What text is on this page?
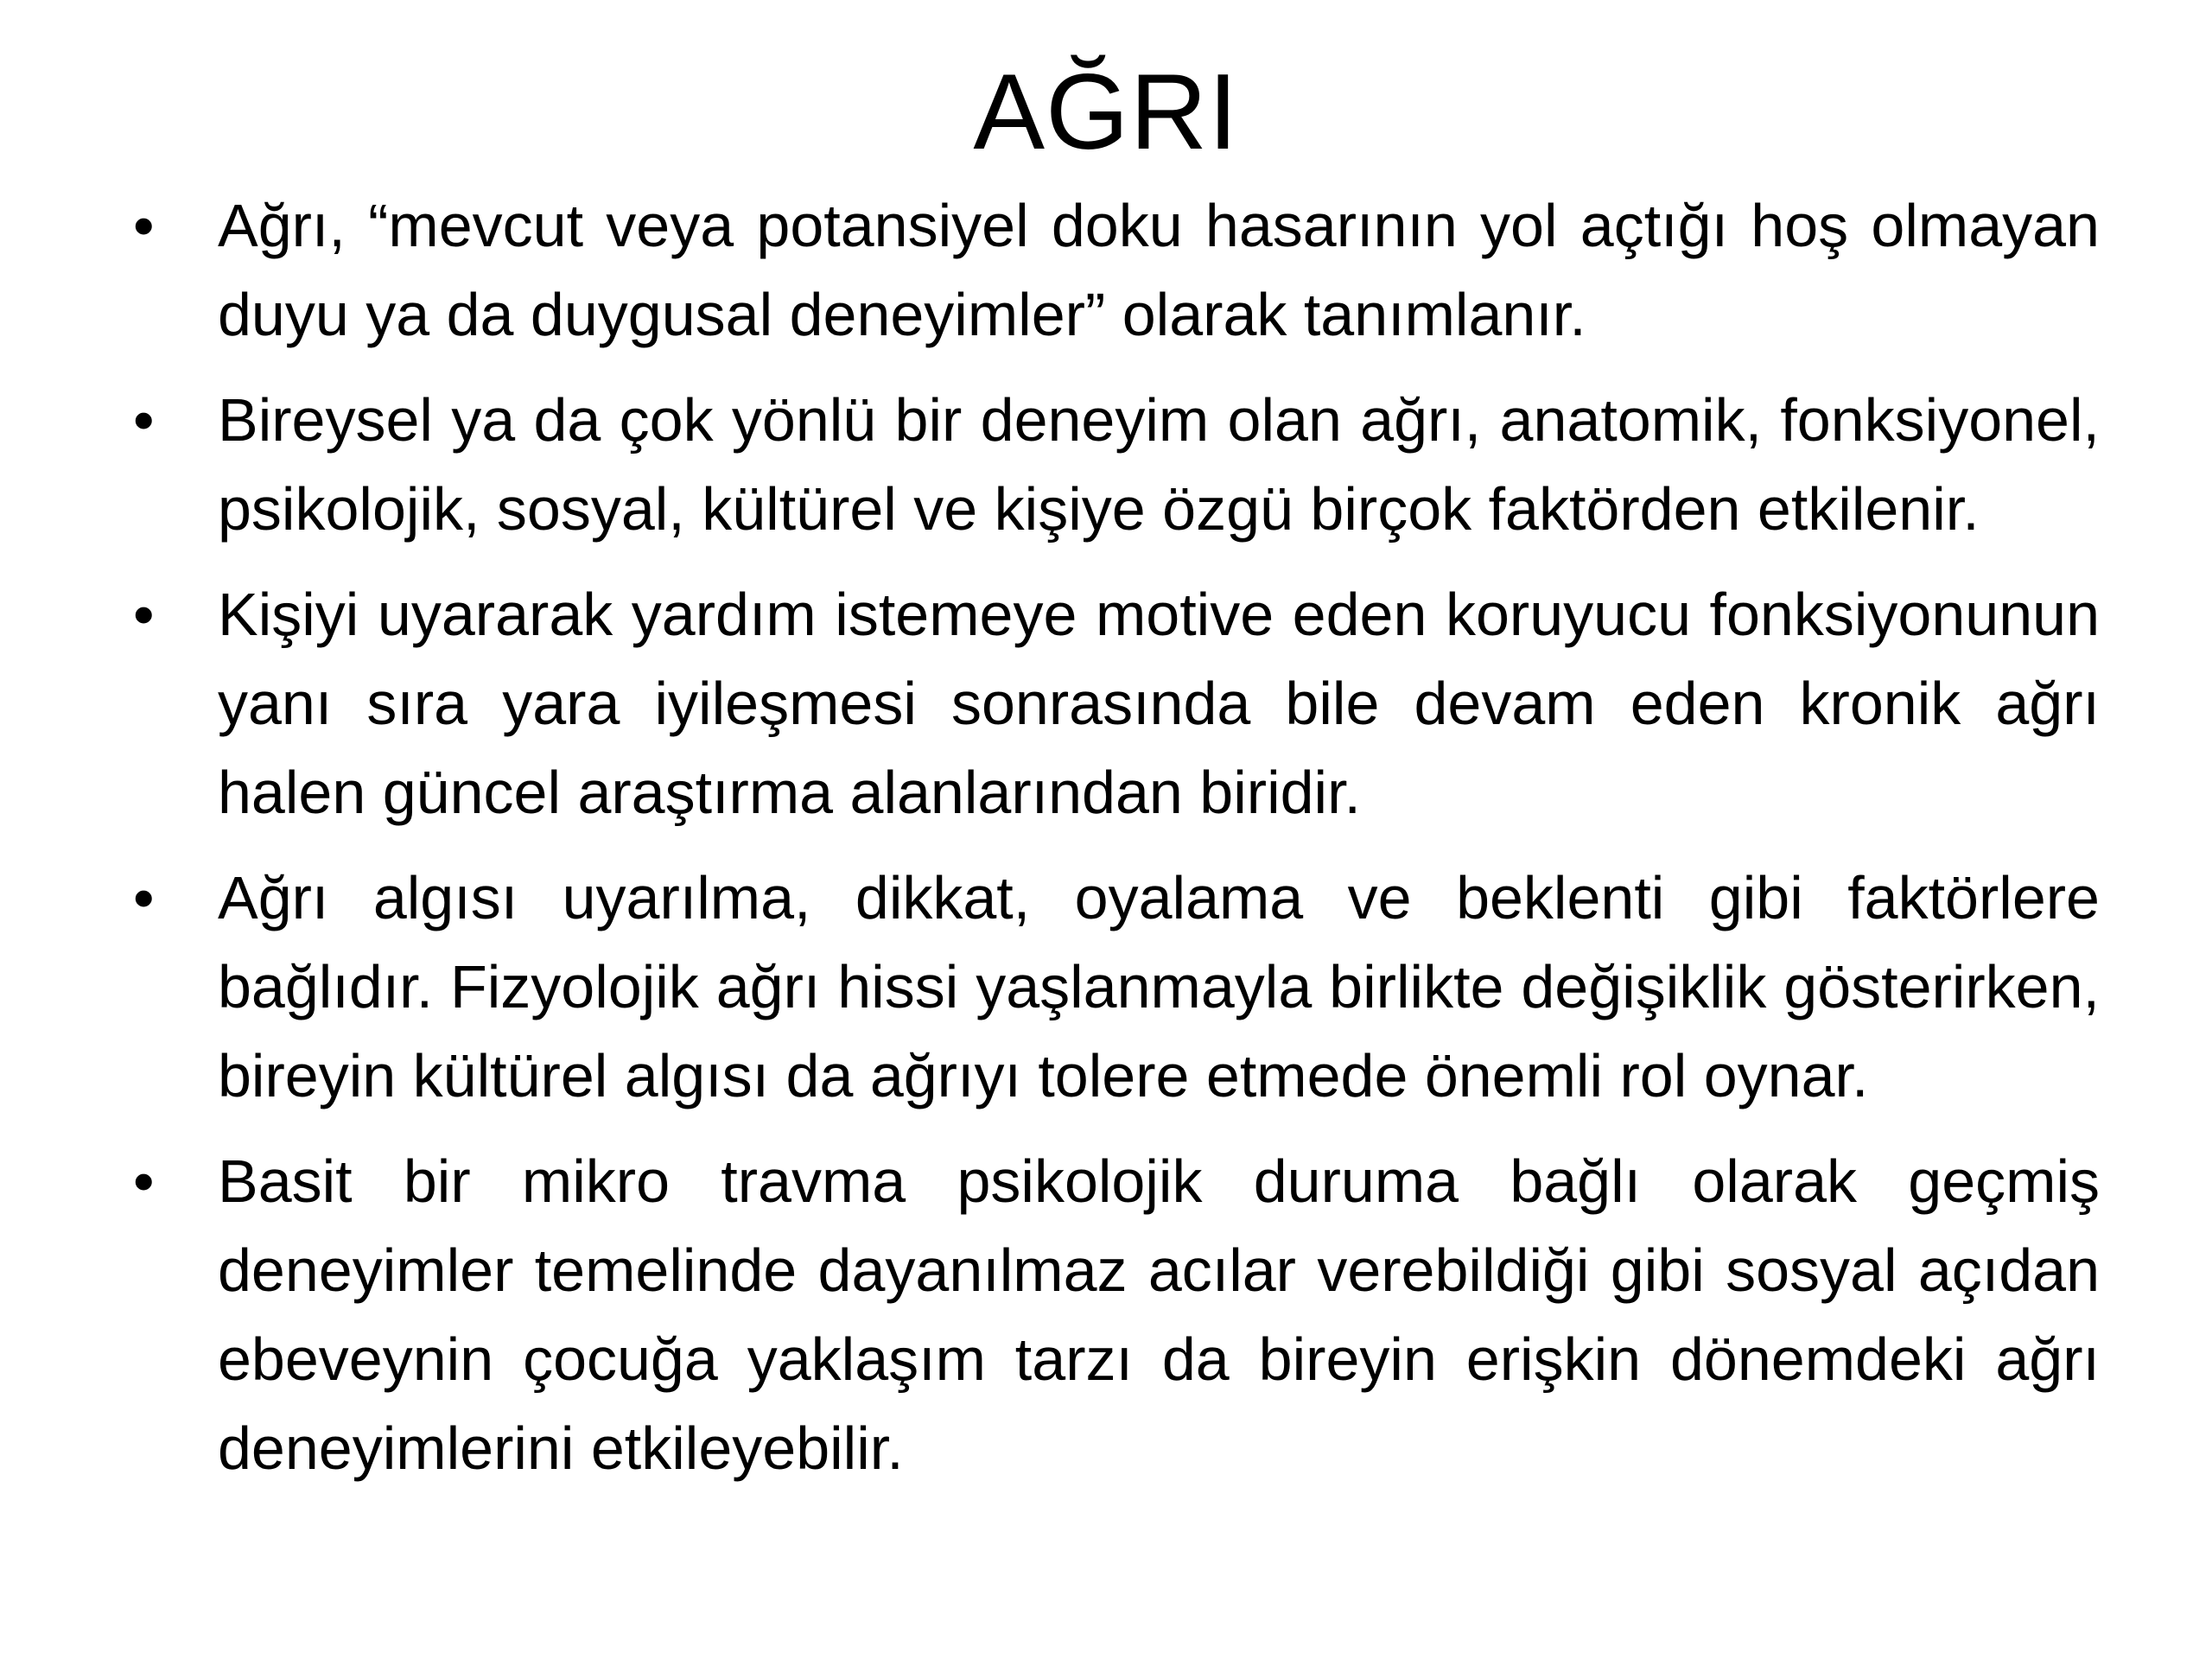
AĞRI
•	Ağrı, “mevcut veya potansiyel doku hasarının yol açtığı hoş olmayan duyu ya da duygusal deneyimler” olarak tanımlanır.
•	Bireysel ya da çok yönlü bir deneyim olan ağrı, anatomik, fonksiyonel, psikolojik, sosyal, kültürel ve kişiye özgü birçok faktörden etkilenir.
•	Kişiyi uyararak yardım istemeye motive eden koruyucu fonksiyonunun yanı sıra yara iyileşmesi sonrasında bile devam eden kronik ağrı halen güncel araştırma alanlarından biridir.
•	Ağrı algısı uyarılma, dikkat, oyalama ve beklenti gibi faktörlere bağlıdır. Fizyolojik ağrı hissi yaşlanmayla birlikte değişiklik gösterirken, bireyin kültürel algısı da ağrıyı tolere etmede önemli rol oynar.
•	Basit bir mikro travma psikolojik duruma bağlı olarak geçmiş deneyimler temelinde dayanılmaz acılar verebildiği gibi sosyal açıdan ebeveynin çocuğa yaklaşım tarzı da bireyin erişkin dönemdeki ağrı deneyimlerini etkileyebilir.
